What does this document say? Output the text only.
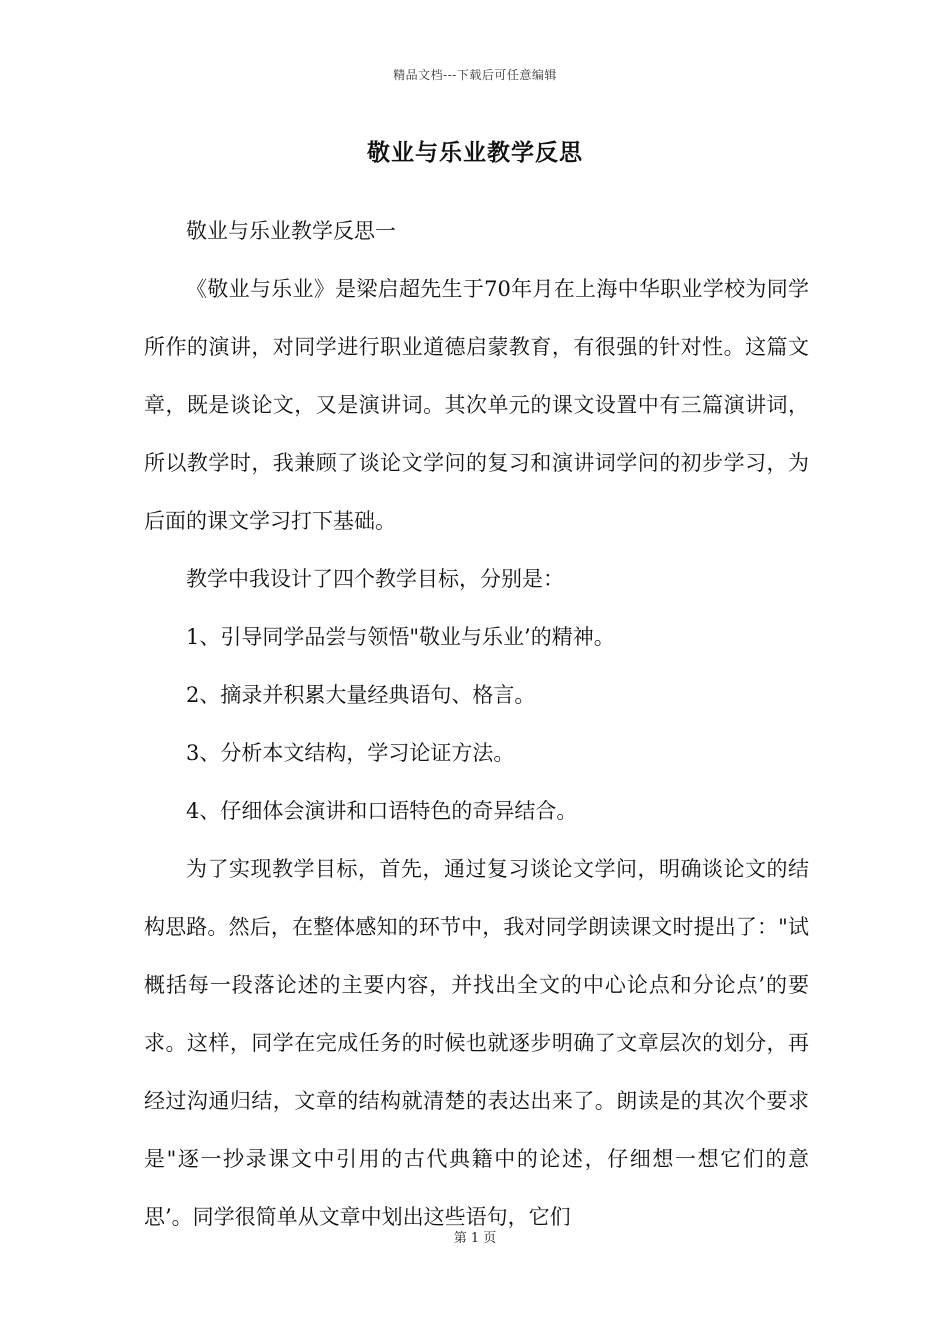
精品文档---下载后可任意编辑
敬业与乐业教学反思

敬业与乐业教学反思一

《敬业与乐业》是梁启超先生于70年月在上海中华职业学校为同学所作的演讲，对同学进行职业道德启蒙教育，有很强的针对性。这篇文章，既是谈论文，又是演讲词。其次单元的课文设置中有三篇演讲词，所以教学时，我兼顾了谈论文学问的复习和演讲词学问的初步学习，为后面的课文学习打下基础。

教学中我设计了四个教学目标，分别是：

1、引导同学品尝与领悟"敬业与乐业’的精神。

2、摘录并积累大量经典语句、格言。

3、分析本文结构，学习论证方法。

4、仔细体会演讲和口语特色的奇异结合。

为了实现教学目标，首先，通过复习谈论文学问，明确谈论文的结构思路。然后，在整体感知的环节中，我对同学朗读课文时提出了："试概括每一段落论述的主要内容，并找出全文的中心论点和分论点’的要求。这样，同学在完成任务的时候也就逐步明确了文章层次的划分，再经过沟通归结，文章的结构就清楚的表达出来了。朗读是的其次个要求是"逐一抄录课文中引用的古代典籍中的论述，仔细想一想它们的意思’。同学很简单从文章中划出这些语句，它们

第 1 页
